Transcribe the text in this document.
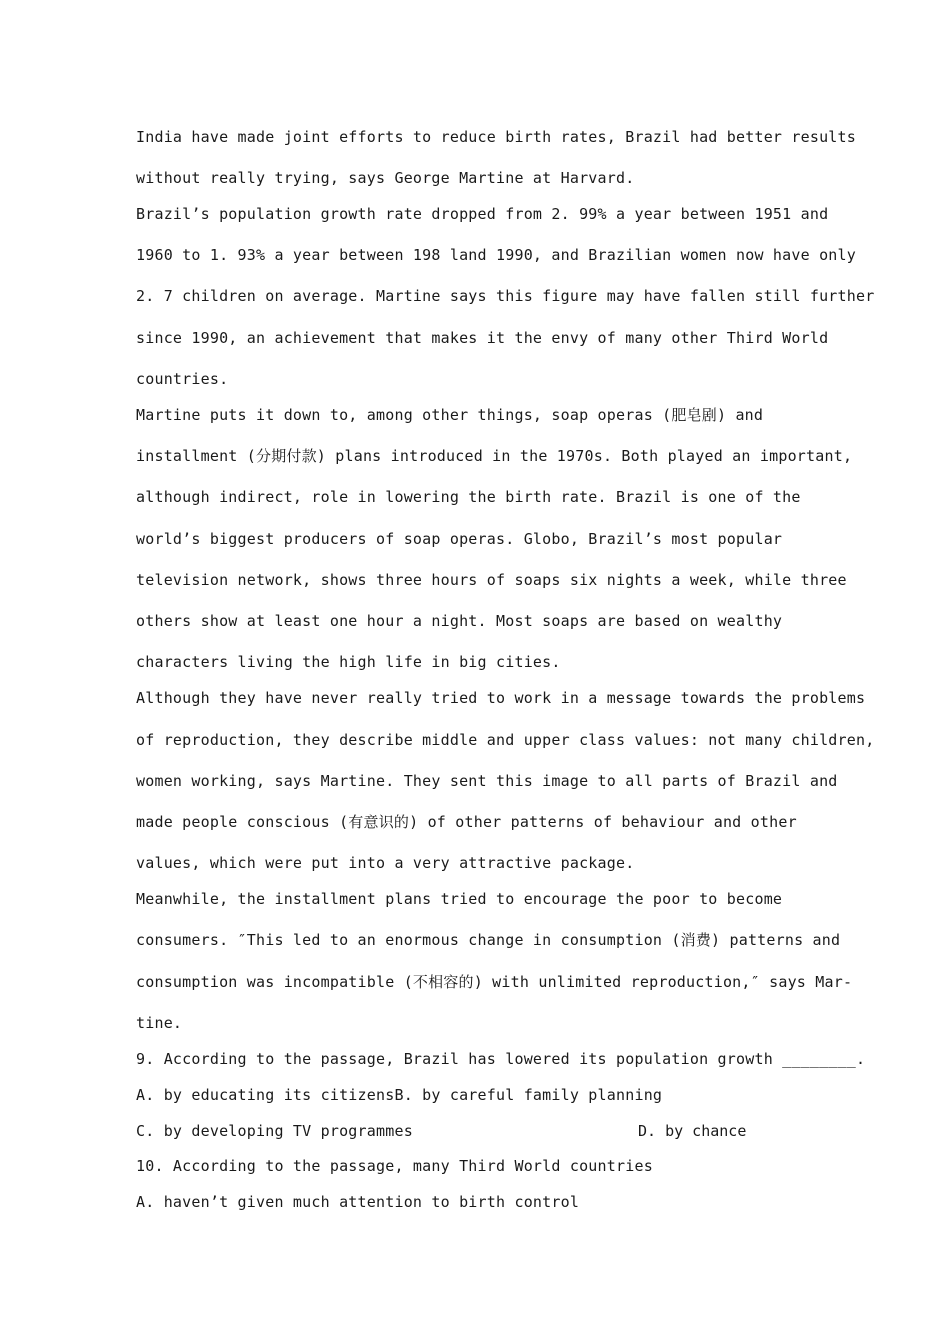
India have made joint efforts to reduce birth rates, Brazil had better results
without really trying, says George Martine at Harvard.
Brazil’s population growth rate dropped from 2. 99% a year between 1951 and
1960 to 1. 93% a year between 198 land 1990, and Brazilian women now have only
2. 7 children on average. Martine says this figure may have fallen still further
since 1990, an achievement that makes it the envy of many other Third World
countries.
Martine puts it down to, among other things, soap operas (肥皂剧) and
installment (分期付款) plans introduced in the 1970s. Both played an important,
although indirect, role in lowering the birth rate. Brazil is one of the
world’s biggest producers of soap operas. Globo, Brazil’s most popular
television network, shows three hours of soaps six nights a week, while three
others show at least one hour a night. Most soaps are based on wealthy
characters living the high life in big cities.
Although they have never really tried to work in a message towards the problems
of reproduction, they describe middle and upper class values: not many children,
women working, says Martine. They sent this image to all parts of Brazil and
made people conscious (有意识的) of other patterns of behaviour and other
values, which were put into a very attractive package.
Meanwhile, the installment plans tried to encourage the poor to become
consumers. ″This led to an enormous change in consumption (消费) patterns and
consumption was incompatible (不相容的) with unlimited reproduction,″ says Mar-
tine.
9. According to the passage, Brazil has lowered its population growth ________.
A. by educating its citizensB. by careful family planning
C. by developing TV programmes	D. by chance
10. According to the passage, many Third World countries
A. haven’t given much attention to birth control
